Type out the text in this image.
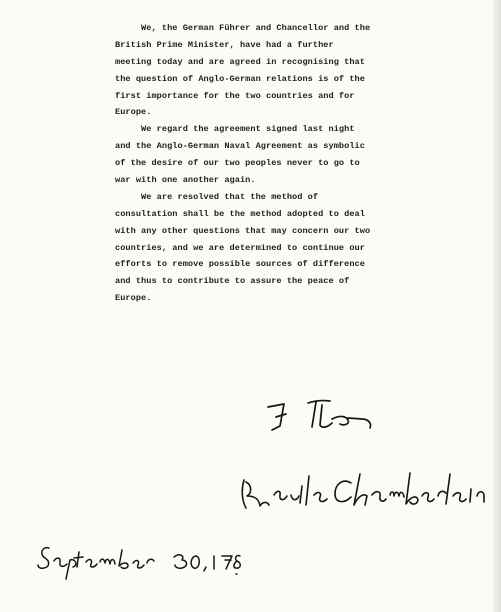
We, the German Führer and Chancellor and the
British Prime Minister, have had a further
meeting today and are agreed in recognising that
the question of Anglo-German relations is of the
first importance for the two countries and for
Europe.
We regard the agreement signed last night
and the Anglo-German Naval Agreement as symbolic
of the desire of our two peoples never to go to
war with one another again.
We are resolved that the method of
consultation shall be the method adopted to deal
with any other questions that may concern our two
countries, and we are determined to continue our
efforts to remove possible sources of difference
and thus to contribute to assure the peace of
Europe.
